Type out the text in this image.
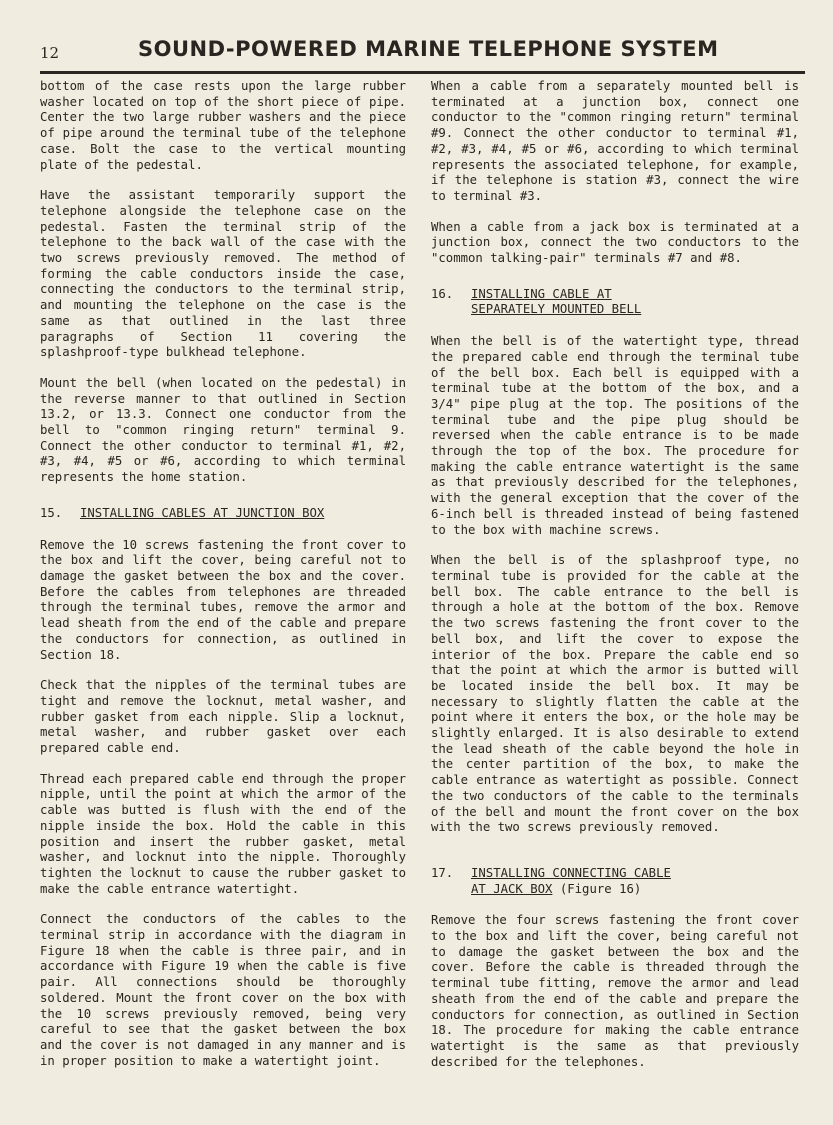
12	SOUND-POWERED MARINE TELEPHONE SYSTEM

bottom of the case rests upon the large rubber washer located on top of the short piece of pipe. Center the two large rubber washers and the piece of pipe around the terminal tube of the telephone case. Bolt the case to the vertical mounting plate of the pedestal.

Have the assistant temporarily support the telephone alongside the telephone case on the pedestal. Fasten the terminal strip of the telephone to the back wall of the case with the two screws previously removed. The method of forming the cable conductors inside the case, connecting the conductors to the terminal strip, and mounting the telephone on the case is the same as that outlined in the last three paragraphs of Section 11 covering the splashproof-type bulkhead telephone.

Mount the bell (when located on the pedestal) in the reverse manner to that outlined in Section 13.2, or 13.3. Connect one conductor from the bell to "common ringing return" terminal 9. Connect the other conductor to terminal #1, #2, #3, #4, #5 or #6, according to which terminal represents the home station.

15. INSTALLING CABLES AT JUNCTION BOX

Remove the 10 screws fastening the front cover to the box and lift the cover, being careful not to damage the gasket between the box and the cover. Before the cables from telephones are threaded through the terminal tubes, remove the armor and lead sheath from the end of the cable and prepare the conductors for connection, as outlined in Section 18.

Check that the nipples of the terminal tubes are tight and remove the locknut, metal washer, and rubber gasket from each nipple. Slip a locknut, metal washer, and rubber gasket over each prepared cable end.

Thread each prepared cable end through the proper nipple, until the point at which the armor of the cable was butted is flush with the end of the nipple inside the box. Hold the cable in this position and insert the rubber gasket, metal washer, and locknut into the nipple. Thoroughly tighten the locknut to cause the rubber gasket to make the cable entrance watertight.

Connect the conductors of the cables to the terminal strip in accordance with the diagram in Figure 18 when the cable is three pair, and in accordance with Figure 19 when the cable is five pair. All connections should be thoroughly soldered. Mount the front cover on the box with the 10 screws previously removed, being very careful to see that the gasket between the box and the cover is not damaged in any manner and is in proper position to make a watertight joint.

When a cable from a separately mounted bell is terminated at a junction box, connect one conductor to the "common ringing return" terminal #9. Connect the other conductor to terminal #1, #2, #3, #4, #5 or #6, according to which terminal represents the associated telephone, for example, if the telephone is station #3, connect the wire to terminal #3.

When a cable from a jack box is terminated at a junction box, connect the two conductors to the "common talking-pair" terminals #7 and #8.

16. INSTALLING CABLE AT
SEPARATELY MOUNTED BELL

When the bell is of the watertight type, thread the prepared cable end through the terminal tube of the bell box. Each bell is equipped with a terminal tube at the bottom of the box, and a 3/4" pipe plug at the top. The positions of the terminal tube and the pipe plug should be reversed when the cable entrance is to be made through the top of the box. The procedure for making the cable entrance watertight is the same as that previously described for the telephones, with the general exception that the cover of the 6-inch bell is threaded instead of being fastened to the box with machine screws.

When the bell is of the splashproof type, no terminal tube is provided for the cable at the bell box. The cable entrance to the bell is through a hole at the bottom of the box. Remove the two screws fastening the front cover to the bell box, and lift the cover to expose the interior of the box. Prepare the cable end so that the point at which the armor is butted will be located inside the bell box. It may be necessary to slightly flatten the cable at the point where it enters the box, or the hole may be slightly enlarged. It is also desirable to extend the lead sheath of the cable beyond the hole in the center partition of the box, to make the cable entrance as watertight as possible. Connect the two conductors of the cable to the terminals of the bell and mount the front cover on the box with the two screws previously removed.

17. INSTALLING CONNECTING CABLE
AT JACK BOX (Figure 16)

Remove the four screws fastening the front cover to the box and lift the cover, being careful not to damage the gasket between the box and the cover. Before the cable is threaded through the terminal tube fitting, remove the armor and lead sheath from the end of the cable and prepare the conductors for connection, as outlined in Section 18. The procedure for making the cable entrance watertight is the same as that previously described for the telephones.
